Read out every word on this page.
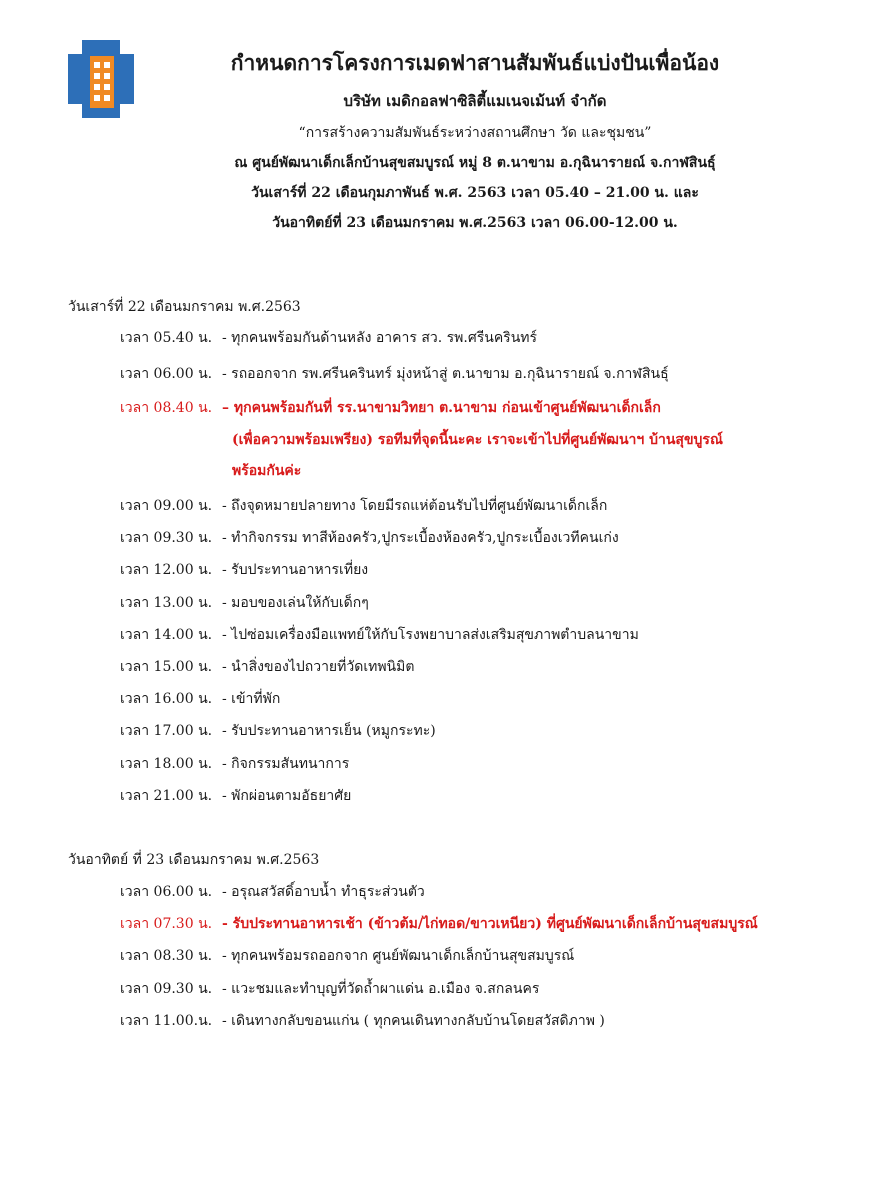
กำหนดการโครงการเมดฟาสานสัมพันธ์แบ่งปันเพื่อน้อง
บริษัท เมดิกอลฟาซิลิตี้แมเนจเม้นท์ จำกัด
“การสร้างความสัมพันธ์ระหว่างสถานศึกษา วัด และชุมชน”
ณ ศูนย์พัฒนาเด็กเล็กบ้านสุขสมบูรณ์ หมู่ 8 ต.นาขาม อ.กุฉินารายณ์ จ.กาฬสินธุ์
วันเสาร์ที่ 22 เดือนกุมภาพันธ์ พ.ศ. 2563 เวลา 05.40 – 21.00 น. และ
วันอาทิตย์ที่ 23 เดือนมกราคม พ.ศ.2563 เวลา 06.00-12.00 น.
วันเสาร์ที่ 22 เดือนมกราคม พ.ศ.2563
เวลา 05.40 น. - ทุกคนพร้อมกันด้านหลัง อาคาร สว. รพ.ศรีนครินทร์
เวลา 06.00 น. - รถออกจาก รพ.ศรีนครินทร์ มุ่งหน้าสู่ ต.นาขาม อ.กุฉินารายณ์ จ.กาฬสินธุ์
เวลา 08.40 น. – ทุกคนพร้อมกันที่ รร.นาขามวิทยา ต.นาขาม ก่อนเข้าศูนย์พัฒนาเด็กเล็ก
(เพื่อความพร้อมเพรียง) รอทีมที่จุดนี้นะคะ เราจะเข้าไปที่ศูนย์พัฒนาฯ บ้านสุขบูรณ์
พร้อมกันค่ะ
เวลา 09.00 น. - ถึงจุดหมายปลายทาง โดยมีรถแห่ต้อนรับไปที่ศูนย์พัฒนาเด็กเล็ก
เวลา 09.30 น. - ทำกิจกรรม ทาสีห้องครัว,ปูกระเบื้องห้องครัว,ปูกระเบื้องเวทีคนเก่ง
เวลา 12.00 น. - รับประทานอาหารเที่ยง
เวลา 13.00 น. - มอบของเล่นให้กับเด็กๆ
เวลา 14.00 น. - ไปซ่อมเครื่องมือแพทย์ให้กับโรงพยาบาลส่งเสริมสุขภาพตำบลนาขาม
เวลา 15.00 น. - นำสิ่งของไปถวายที่วัดเทพนิมิต
เวลา 16.00 น. - เข้าที่พัก
เวลา 17.00 น. - รับประทานอาหารเย็น (หมูกระทะ)
เวลา 18.00 น. - กิจกรรมสันทนาการ
เวลา 21.00 น. - พักผ่อนตามอัธยาศัย
วันอาทิตย์ ที่ 23 เดือนมกราคม พ.ศ.2563
เวลา 06.00 น. - อรุณสวัสดิ์อาบน้ำ ทำธุระส่วนตัว
เวลา 07.30 น. - รับประทานอาหารเช้า (ข้าวต้ม/ไก่ทอด/ขาวเหนียว) ที่ศูนย์พัฒนาเด็กเล็กบ้านสุขสมบูรณ์
เวลา 08.30 น. - ทุกคนพร้อมรถออกจาก ศูนย์พัฒนาเด็กเล็กบ้านสุขสมบูรณ์
เวลา 09.30 น. - แวะชมและทำบุญที่วัดถ้ำผาแด่น อ.เมือง จ.สกลนคร
เวลา 11.00.น. - เดินทางกลับขอนแก่น ( ทุกคนเดินทางกลับบ้านโดยสวัสดิภาพ )
